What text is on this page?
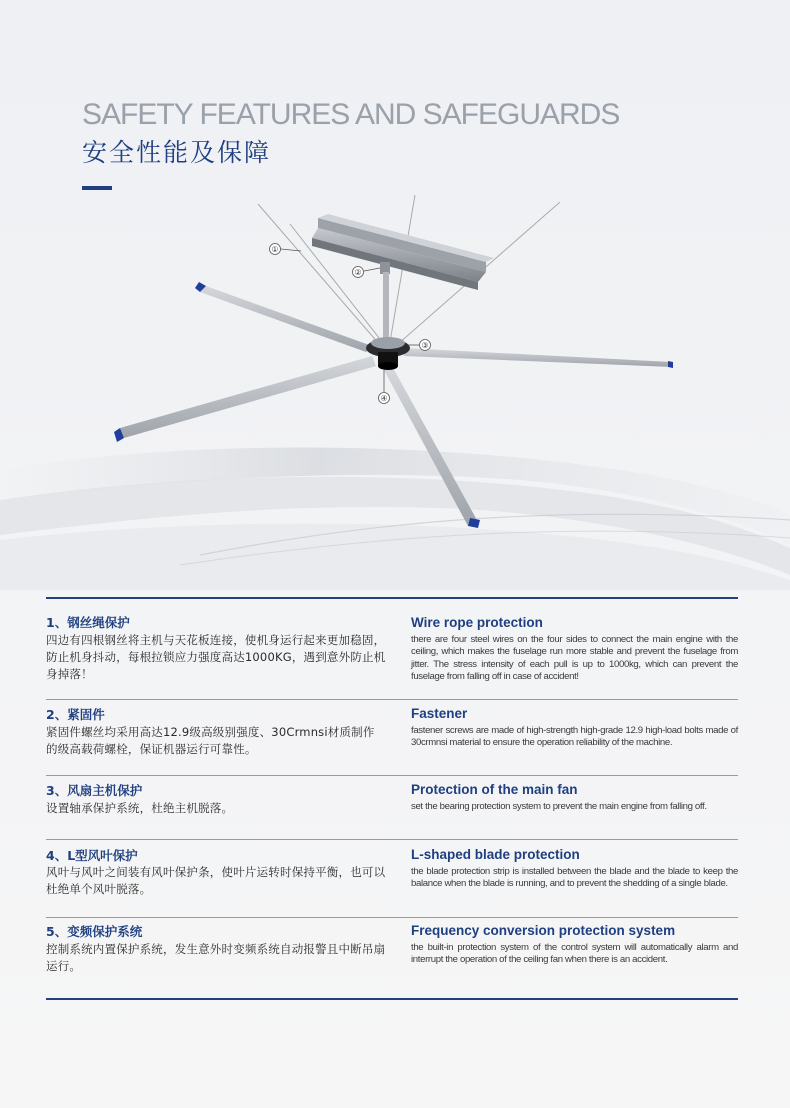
SAFETY FEATURES AND SAFEGUARDS
安全性能及保障
①
②
③
④
1、钢丝绳保护
四边有四根钢丝将主机与天花板连接，使机身运行起来更加稳固，防止机身抖动，每根拉锁应力强度高达1000KG，遇到意外防止机身掉落！
Wire rope protection
there are four steel wires on the four sides to connect the main engine with the ceiling, which makes the fuselage run more stable and prevent the fuselage from jitter. The stress intensity of each pull is up to 1000kg, which can prevent the fuselage from falling off in case of accident!
2、紧固件
紧固件螺丝均采用高达12.9级高级别强度、30Crmnsi材质制作的级高载荷螺栓，保证机器运行可靠性。
Fastener
fastener screws are made of high-strength high-grade 12.9 high-load bolts made of 30crmnsi material to ensure the operation reliability of the machine.
3、风扇主机保护
设置轴承保护系统，杜绝主机脱落。
Protection of the main fan
set the bearing protection system to prevent the main engine from falling off.
4、L型风叶保护
风叶与风叶之间装有风叶保护条，使叶片运转时保持平衡，也可以杜绝单个风叶脱落。
L-shaped blade protection
the blade protection strip is installed between the blade and the blade to keep the balance when the blade is running, and to prevent the shedding of a single blade.
5、变频保护系统
控制系统内置保护系统，发生意外时变频系统自动报警且中断吊扇运行。
Frequency conversion protection system
the built-in protection system of the control system will automatically alarm and interrupt the operation of the ceiling fan when there is an accident.
